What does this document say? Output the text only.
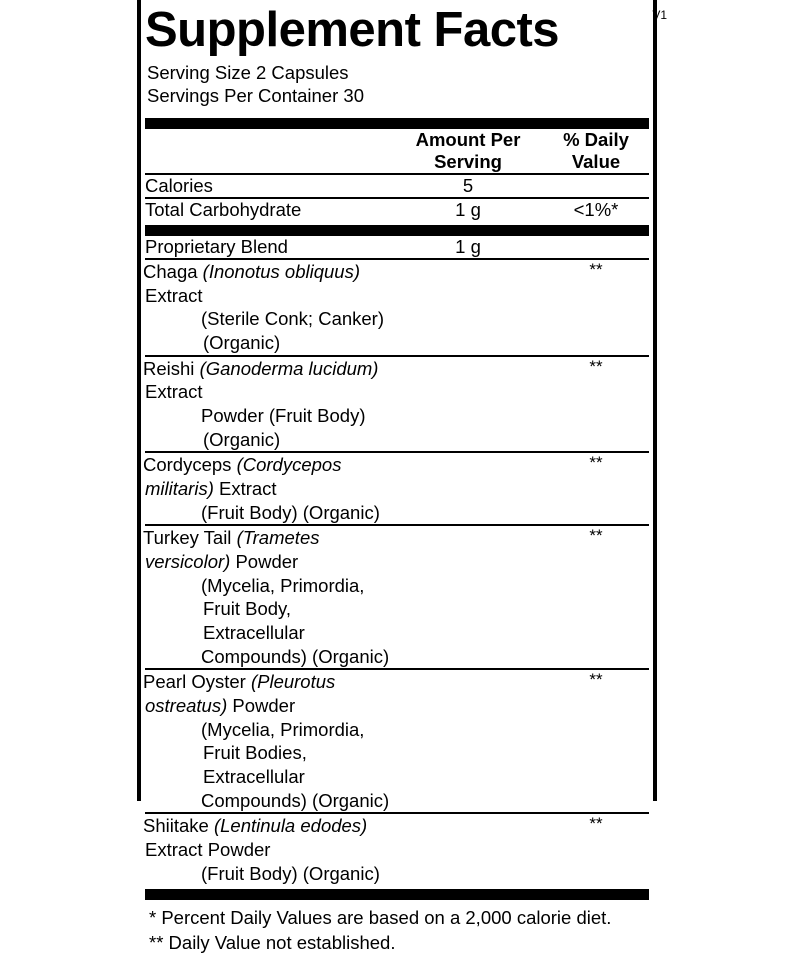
Supplement Facts	V1
Serving Size 2 Capsules
Servings Per Container 30

Amount Per
Serving

% Daily
Value

Calories	5	
Total Carbohydrate	1 g	<1%*
Proprietary Blend	1 g	
Chaga (Inonotus obliquus) Extract
(Sterile Conk; Canker) (Organic)		**
Reishi (Ganoderma lucidum) Extract
Powder (Fruit Body) (Organic)		**
Cordyceps (Cordycepos militaris) Extract
(Fruit Body) (Organic)		**
Turkey Tail (Trametes versicolor) Powder
(Mycelia, Primordia, Fruit Body, Extracellular
Compounds) (Organic)		**
Pearl Oyster (Pleurotus ostreatus) Powder
(Mycelia, Primordia, Fruit Bodies, Extracellular
Compounds) (Organic)		**
Shiitake (Lentinula edodes) Extract Powder
(Fruit Body) (Organic)		**
* Percent Daily Values are based on a 2,000 calorie diet.
** Daily Value not established.
